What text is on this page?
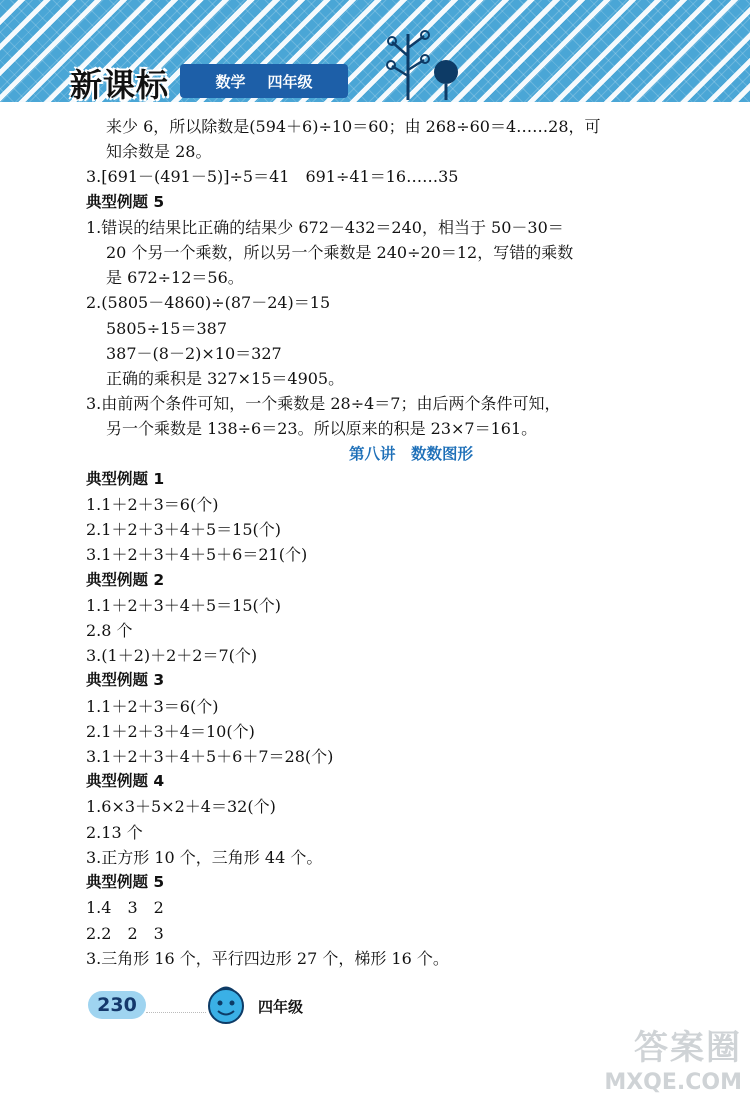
新课标	数学 四年级
来少 6，所以除数是(594＋6)÷10＝60；由 268÷60＝4……28，可
知余数是 28。
3.[691－(491－5)]÷5＝41　691÷41＝16……35
典型例题 5
1.错误的结果比正确的结果少 672－432＝240，相当于 50－30＝
20 个另一个乘数，所以另一个乘数是 240÷20＝12，写错的乘数
是 672÷12＝56。
2.(5805－4860)÷(87－24)＝15
5805÷15＝387
387－(8－2)×10＝327
正确的乘积是 327×15＝4905。
3.由前两个条件可知，一个乘数是 28÷4＝7；由后两个条件可知，
另一个乘数是 138÷6＝23。所以原来的积是 23×7＝161。
第八讲　数数图形
典型例题 1
1.1＋2＋3＝6(个)
2.1＋2＋3＋4＋5＝15(个)
3.1＋2＋3＋4＋5＋6＝21(个)
典型例题 2
1.1＋2＋3＋4＋5＝15(个)
2.8 个
3.(1＋2)＋2＋2＝7(个)
典型例题 3
1.1＋2＋3＝6(个)
2.1＋2＋3＋4＝10(个)
3.1＋2＋3＋4＋5＋6＋7＝28(个)
典型例题 4
1.6×3＋5×2＋4＝32(个)
2.13 个
3.正方形 10 个，三角形 44 个。
典型例题 5
1.4　3　2
2.2　2　3
3.三角形 16 个，平行四边形 27 个，梯形 16 个。
230	四年级
答案圈
MXQE.COM
